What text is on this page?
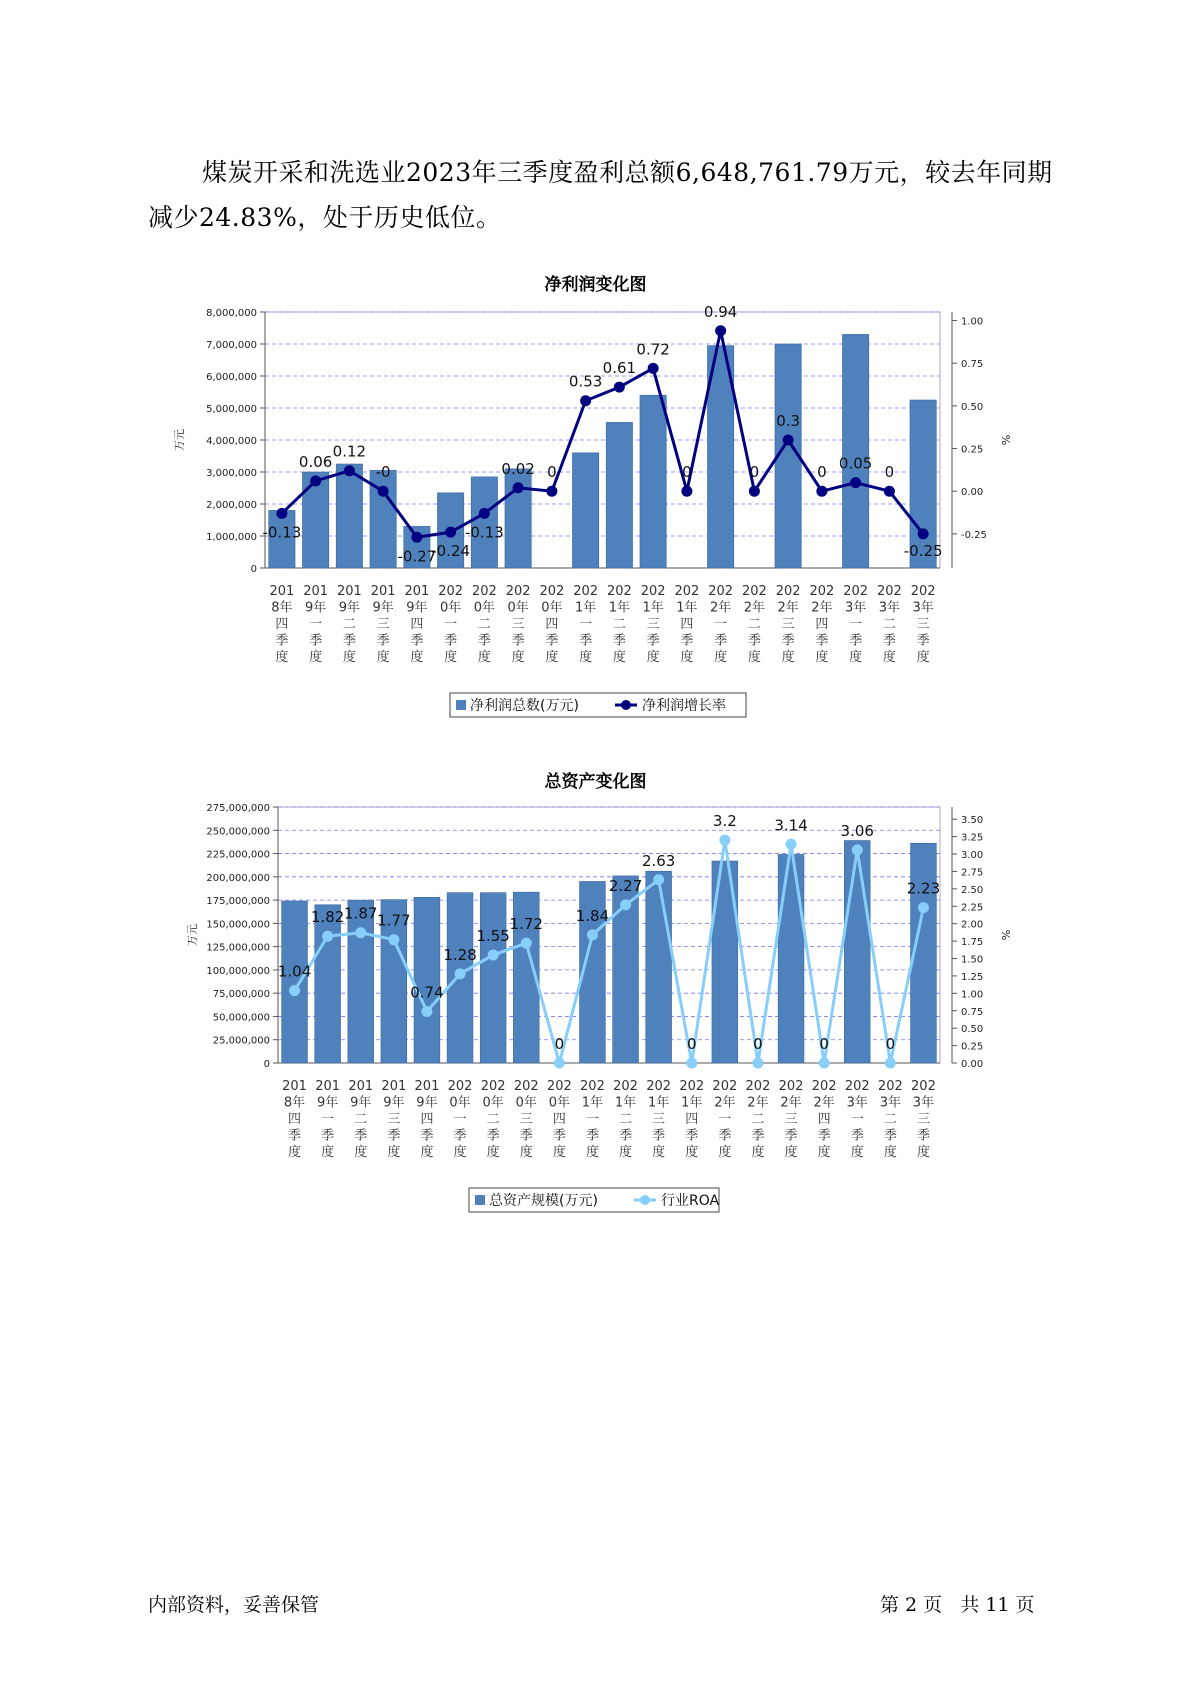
煤炭开采和洗选业2023年三季度盈利总额6,648,761.79万元，较去年同期减少24.83%，处于历史低位。
净利润变化图
0
1,000,000
2,000,000
3,000,000
4,000,000
5,000,000
6,000,000
7,000,000
8,000,000
-0.25
0.00
0.25
0.50
0.75
1.00
万元	%
201
8年
四
季
度
201
9年
一
季
度
201
9年
二
季
度
201
9年
三
季
度
201
9年
四
季
度
202
0年
一
季
度
202
0年
二
季
度
202
0年
三
季
度
202
0年
四
季
度
202
1年
一
季
度
202
1年
二
季
度
202
1年
三
季
度
202
1年
四
季
度
202
2年
一
季
度
202
2年
二
季
度
202
2年
三
季
度
202
2年
四
季
度
202
3年
一
季
度
202
3年
二
季
度
202
3年
三
季
度
-0.13
0.06
0.12
-0
-0.27
-0.24
-0.13
0.02 0
0.53
0.61
0.72
0
0.94
0
0.3
0 0.05 0
-0.25
净利润总数(万元)	净利润增长率
总资产变化图
0
25,000,000
50,000,000
75,000,000
100,000,000
125,000,000
150,000,000
175,000,000
200,000,000
225,000,000
250,000,000
275,000,000
0.00
0.25
0.50
0.75
1.00
1.25
1.50
1.75
2.00
2.25
2.50
2.75
3.00
3.25
3.50
万元	%
201
8年
四
季
度
201
9年
一
季
度
201
9年
二
季
度
201
9年
三
季
度
201
9年
四
季
度
202
0年
一
季
度
202
0年
二
季
度
202
0年
三
季
度
202
0年
四
季
度
202
1年
一
季
度
202
1年
二
季
度
202
1年
三
季
度
202
1年
四
季
度
202
2年
一
季
度
202
2年
二
季
度
202
2年
三
季
度
202
2年
四
季
度
202
3年
一
季
度
202
3年
二
季
度
202
3年
三
季
度
1.04
1.82 1.87 1.77
0.74
1.28
1.55
1.72
0
1.84
2.27
2.63
0
3.2
0
3.14
0
3.06
0
2.23
总资产规模(万元)	行业ROA
内部资料，妥善保管	第 2 页   共 11 页
